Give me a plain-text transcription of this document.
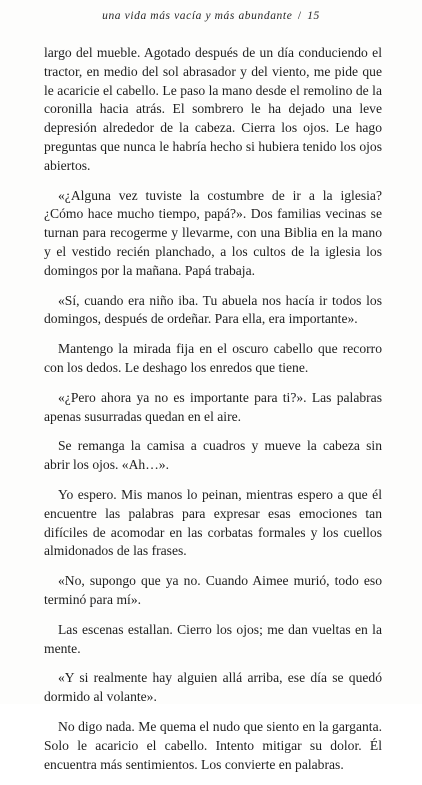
una vida más vacía y más abundante / 15

largo del mueble. Agotado después de un día conduciendo el tractor, en medio del sol abrasador y del viento, me pide que le acaricie el cabello. Le paso la mano desde el remolino de la coronilla hacia atrás. El sombrero le ha dejado una leve depresión alrededor de la cabeza. Cierra los ojos. Le hago preguntas que nunca le habría hecho si hubiera tenido los ojos abiertos.

«¿Alguna vez tuviste la costumbre de ir a la iglesia? ¿Cómo hace mucho tiempo, papá?». Dos familias vecinas se turnan para recogerme y llevarme, con una Biblia en la mano y el vestido recién planchado, a los cultos de la iglesia los domingos por la mañana. Papá trabaja.

«Sí, cuando era niño iba. Tu abuela nos hacía ir todos los domingos, después de ordeñar. Para ella, era importante».

Mantengo la mirada fija en el oscuro cabello que recorro con los dedos. Le deshago los enredos que tiene.

«¿Pero ahora ya no es importante para ti?». Las palabras apenas susurradas quedan en el aire.

Se remanga la camisa a cuadros y mueve la cabeza sin abrir los ojos. «Ah…».

Yo espero. Mis manos lo peinan, mientras espero a que él encuentre las palabras para expresar esas emociones tan difíciles de acomodar en las corbatas formales y los cuellos almidonados de las frases.

«No, supongo que ya no. Cuando Aimee murió, todo eso terminó para mí».

Las escenas estallan. Cierro los ojos; me dan vueltas en la mente.

«Y si realmente hay alguien allá arriba, ese día se quedó dormido al volante».

No digo nada. Me quema el nudo que siento en la garganta. Solo le acaricio el cabello. Intento mitigar su dolor. Él encuentra más sentimientos. Los convierte en palabras.
